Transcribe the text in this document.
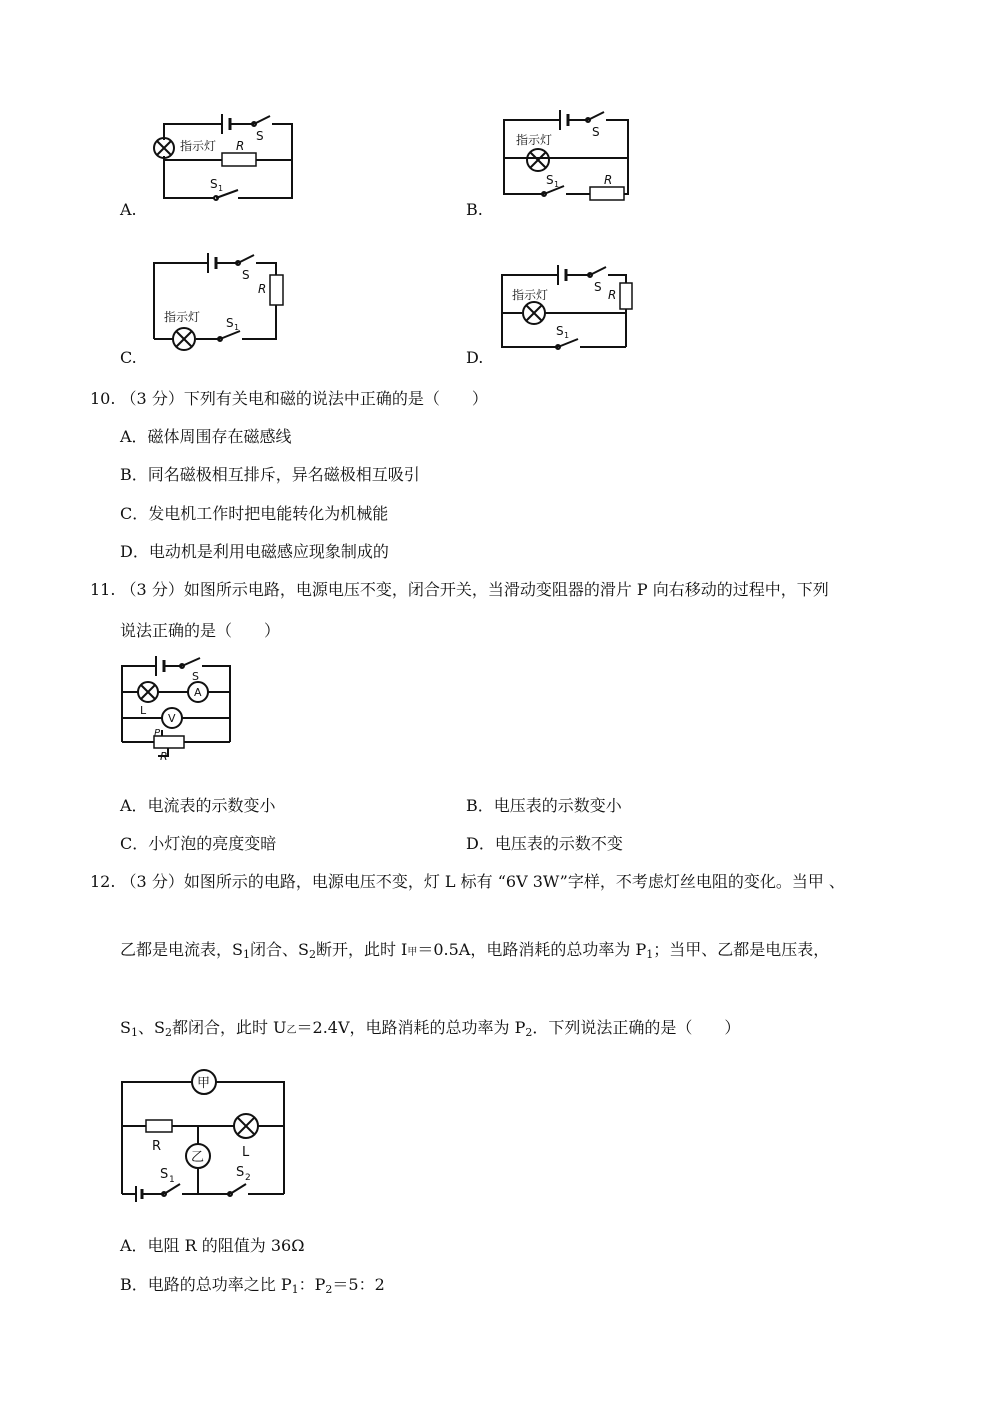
指示灯 R
S
S 1
A.
指示灯
S
S 1	R
B.
指示灯
S
S 1
R
C.
指示灯
S
S 1
R
D.
10. （3 分）下列有关电和磁的说法中正确的是（　　）
A．磁体周围存在磁感线
B．同名磁极相互排斥，异名磁极相互吸引
C．发电机工作时把电能转化为机械能
D．电动机是利用电磁感应现象制成的
11. （3 分）如图所示电路，电源电压不变，闭合开关，当滑动变阻器的滑片 P 向右移动的过程中，下列
说法正确的是（　　）
A
V
S
L
P
R
A．电流表的示数变小	B．电压表的示数变小
C．小灯泡的亮度变暗	D．电压表的示数不变
12. （3 分）如图所示的电路，电源电压不变，灯 L 标有 “6V 3W”字样，不考虑灯丝电阻的变化。当甲 、
乙都是电流表，$S_1$闭合、$S_2$断开，此时 I甲＝0.5A，电路消耗的总功率为 $P_1$；当甲、乙都是电压表，
$S_1$、$S_2$都闭合，此时 U乙＝2.4V，电路消耗的总功率为 $P_2$．下列说法正确的是（　　）
甲
乙
R	L
S 1	S 2
A．电阻 R 的阻值为 36Ω
B．电路的总功率之比 $P_1$：$P_2=5$：2
